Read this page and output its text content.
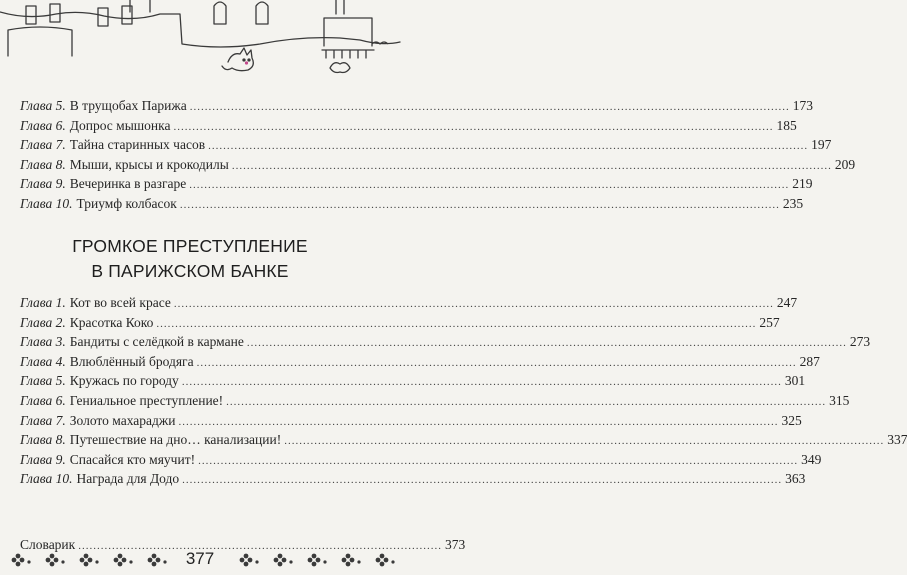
Глава 5. В трущобах Парижа ................................................................................................................................................................ 173
Глава 6. Допрос мышонка ................................................................................................................................................................ 185
Глава 7. Тайна старинных часов ................................................................................................................................................................ 197
Глава 8. Мыши, крысы и крокодилы ................................................................................................................................................................ 209
Глава 9. Вечеринка в разгаре ................................................................................................................................................................ 219
Глава 10. Триумф колбасок ................................................................................................................................................................ 235
ГРОМКОЕ ПРЕСТУПЛЕНИЕ
В ПАРИЖСКОМ БАНКЕ
Глава 1. Кот во всей красе ................................................................................................................................................................ 247
Глава 2. Красотка Коко ................................................................................................................................................................ 257
Глава 3. Бандиты с селёдкой в кармане ................................................................................................................................................................ 273
Глава 4. Влюблённый бродяга ................................................................................................................................................................ 287
Глава 5. Кружась по городу ................................................................................................................................................................ 301
Глава 6. Гениальное преступление! ................................................................................................................................................................ 315
Глава 7. Золото махараджи ................................................................................................................................................................ 325
Глава 8. Путешествие на дно… канализации! ................................................................................................................................................................ 337
Глава 9. Спасайся кто мяучит! ................................................................................................................................................................ 349
Глава 10. Награда для Додо ................................................................................................................................................................ 363
Словарик ................................................................................................. 373
377
